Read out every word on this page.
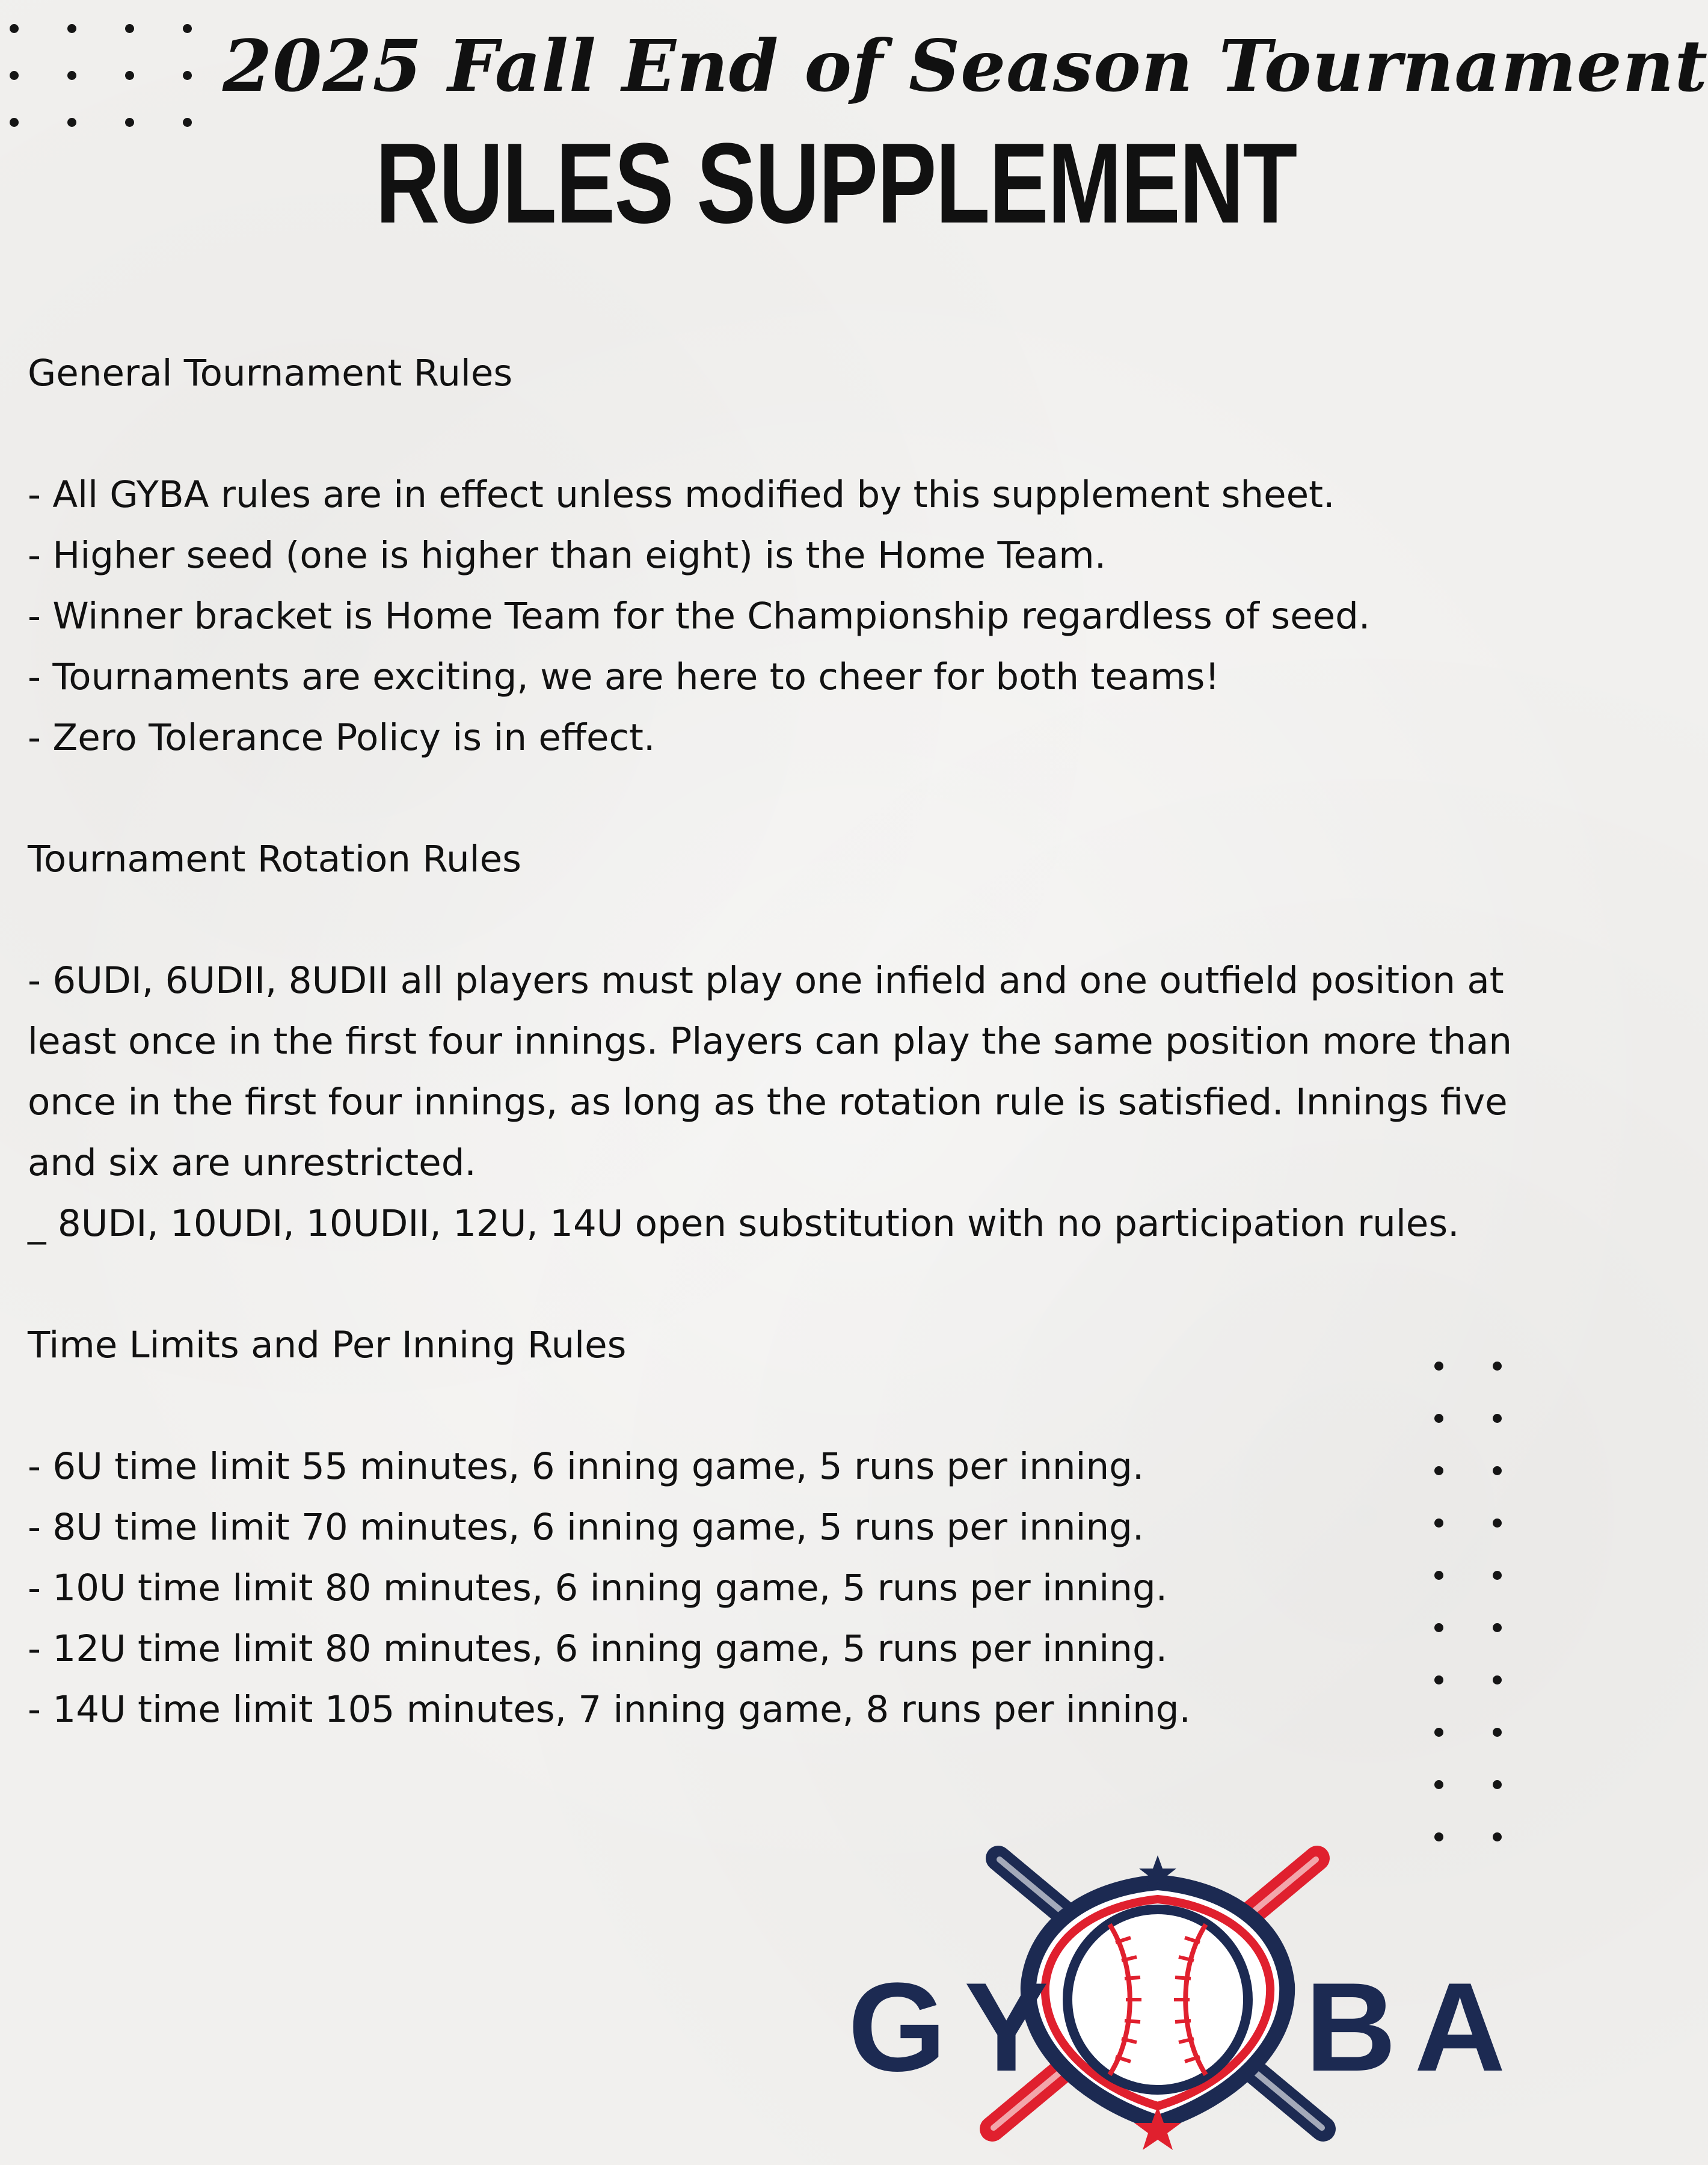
2025 Fall End of Season Tournament
RULES SUPPLEMENT

General Tournament Rules

- All GYBA rules are in effect unless modified by this supplement sheet.

- Higher seed (one is higher than eight) is the Home Team.

- Winner bracket is Home Team for the Championship regardless of seed.

- Tournaments are exciting, we are here to cheer for both teams!

- Zero Tolerance Policy is in effect.

Tournament Rotation Rules

- 6UDI, 6UDII, 8UDII all players must play one infield and one outfield position at least once in the first four innings. Players can play the same position more than once in the first four innings, as long as the rotation rule is satisfied. Innings five and six are unrestricted.

_ 8UDI, 10UDI, 10UDII, 12U, 14U open substitution with no participation rules.

Time Limits and Per Inning Rules

- 6U time limit 55 minutes, 6 inning game, 5 runs per inning.

- 8U time limit 70 minutes, 6 inning game, 5 runs per inning.

- 10U time limit 80 minutes, 6 inning game, 5 runs per inning.

- 12U time limit 80 minutes, 6 inning game, 5 runs per inning.

- 14U time limit 105 minutes, 7 inning game, 8 runs per inning.

GY BA
